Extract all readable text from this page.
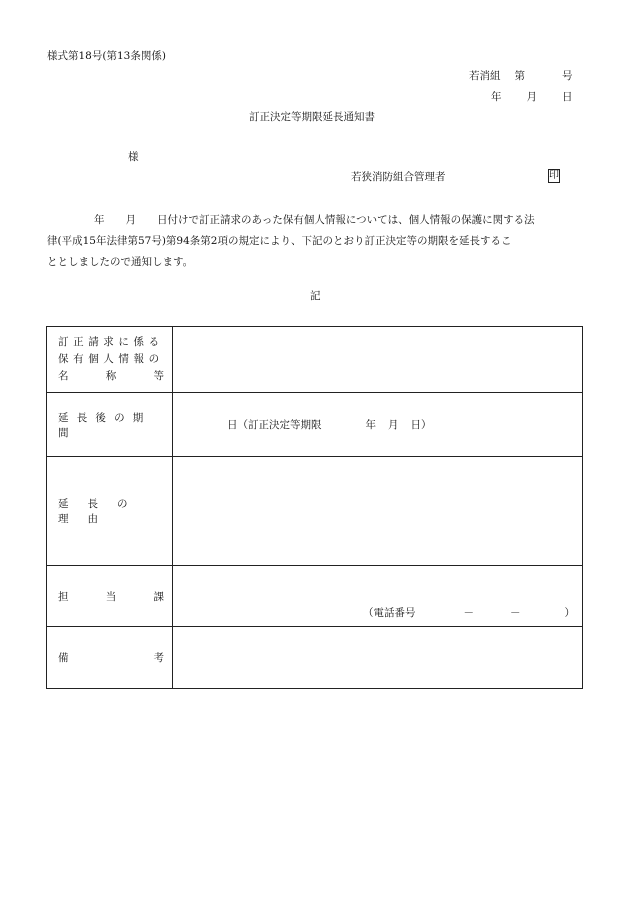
様式第18号(第13条関係)
若消組 第	号
年 月 日
訂正決定等期限延長通知書
様
若狭消防組合管理者	印
年　　月　　日付けで訂正請求のあった保有個人情報については、個人情報の保護に関する法
律(平成15年法律第57号)第94条第2項の規定により、下記のとおり訂正決定等の期限を延長するこ
ととしましたので通知します。
記
訂正請求に係る
保有個人情報の
名 称 等	

延長後の期間	日 （訂正決定等期限 年 月 日）

延長の理由	

担 当 課	（電話番号 － － ）

備 考	
